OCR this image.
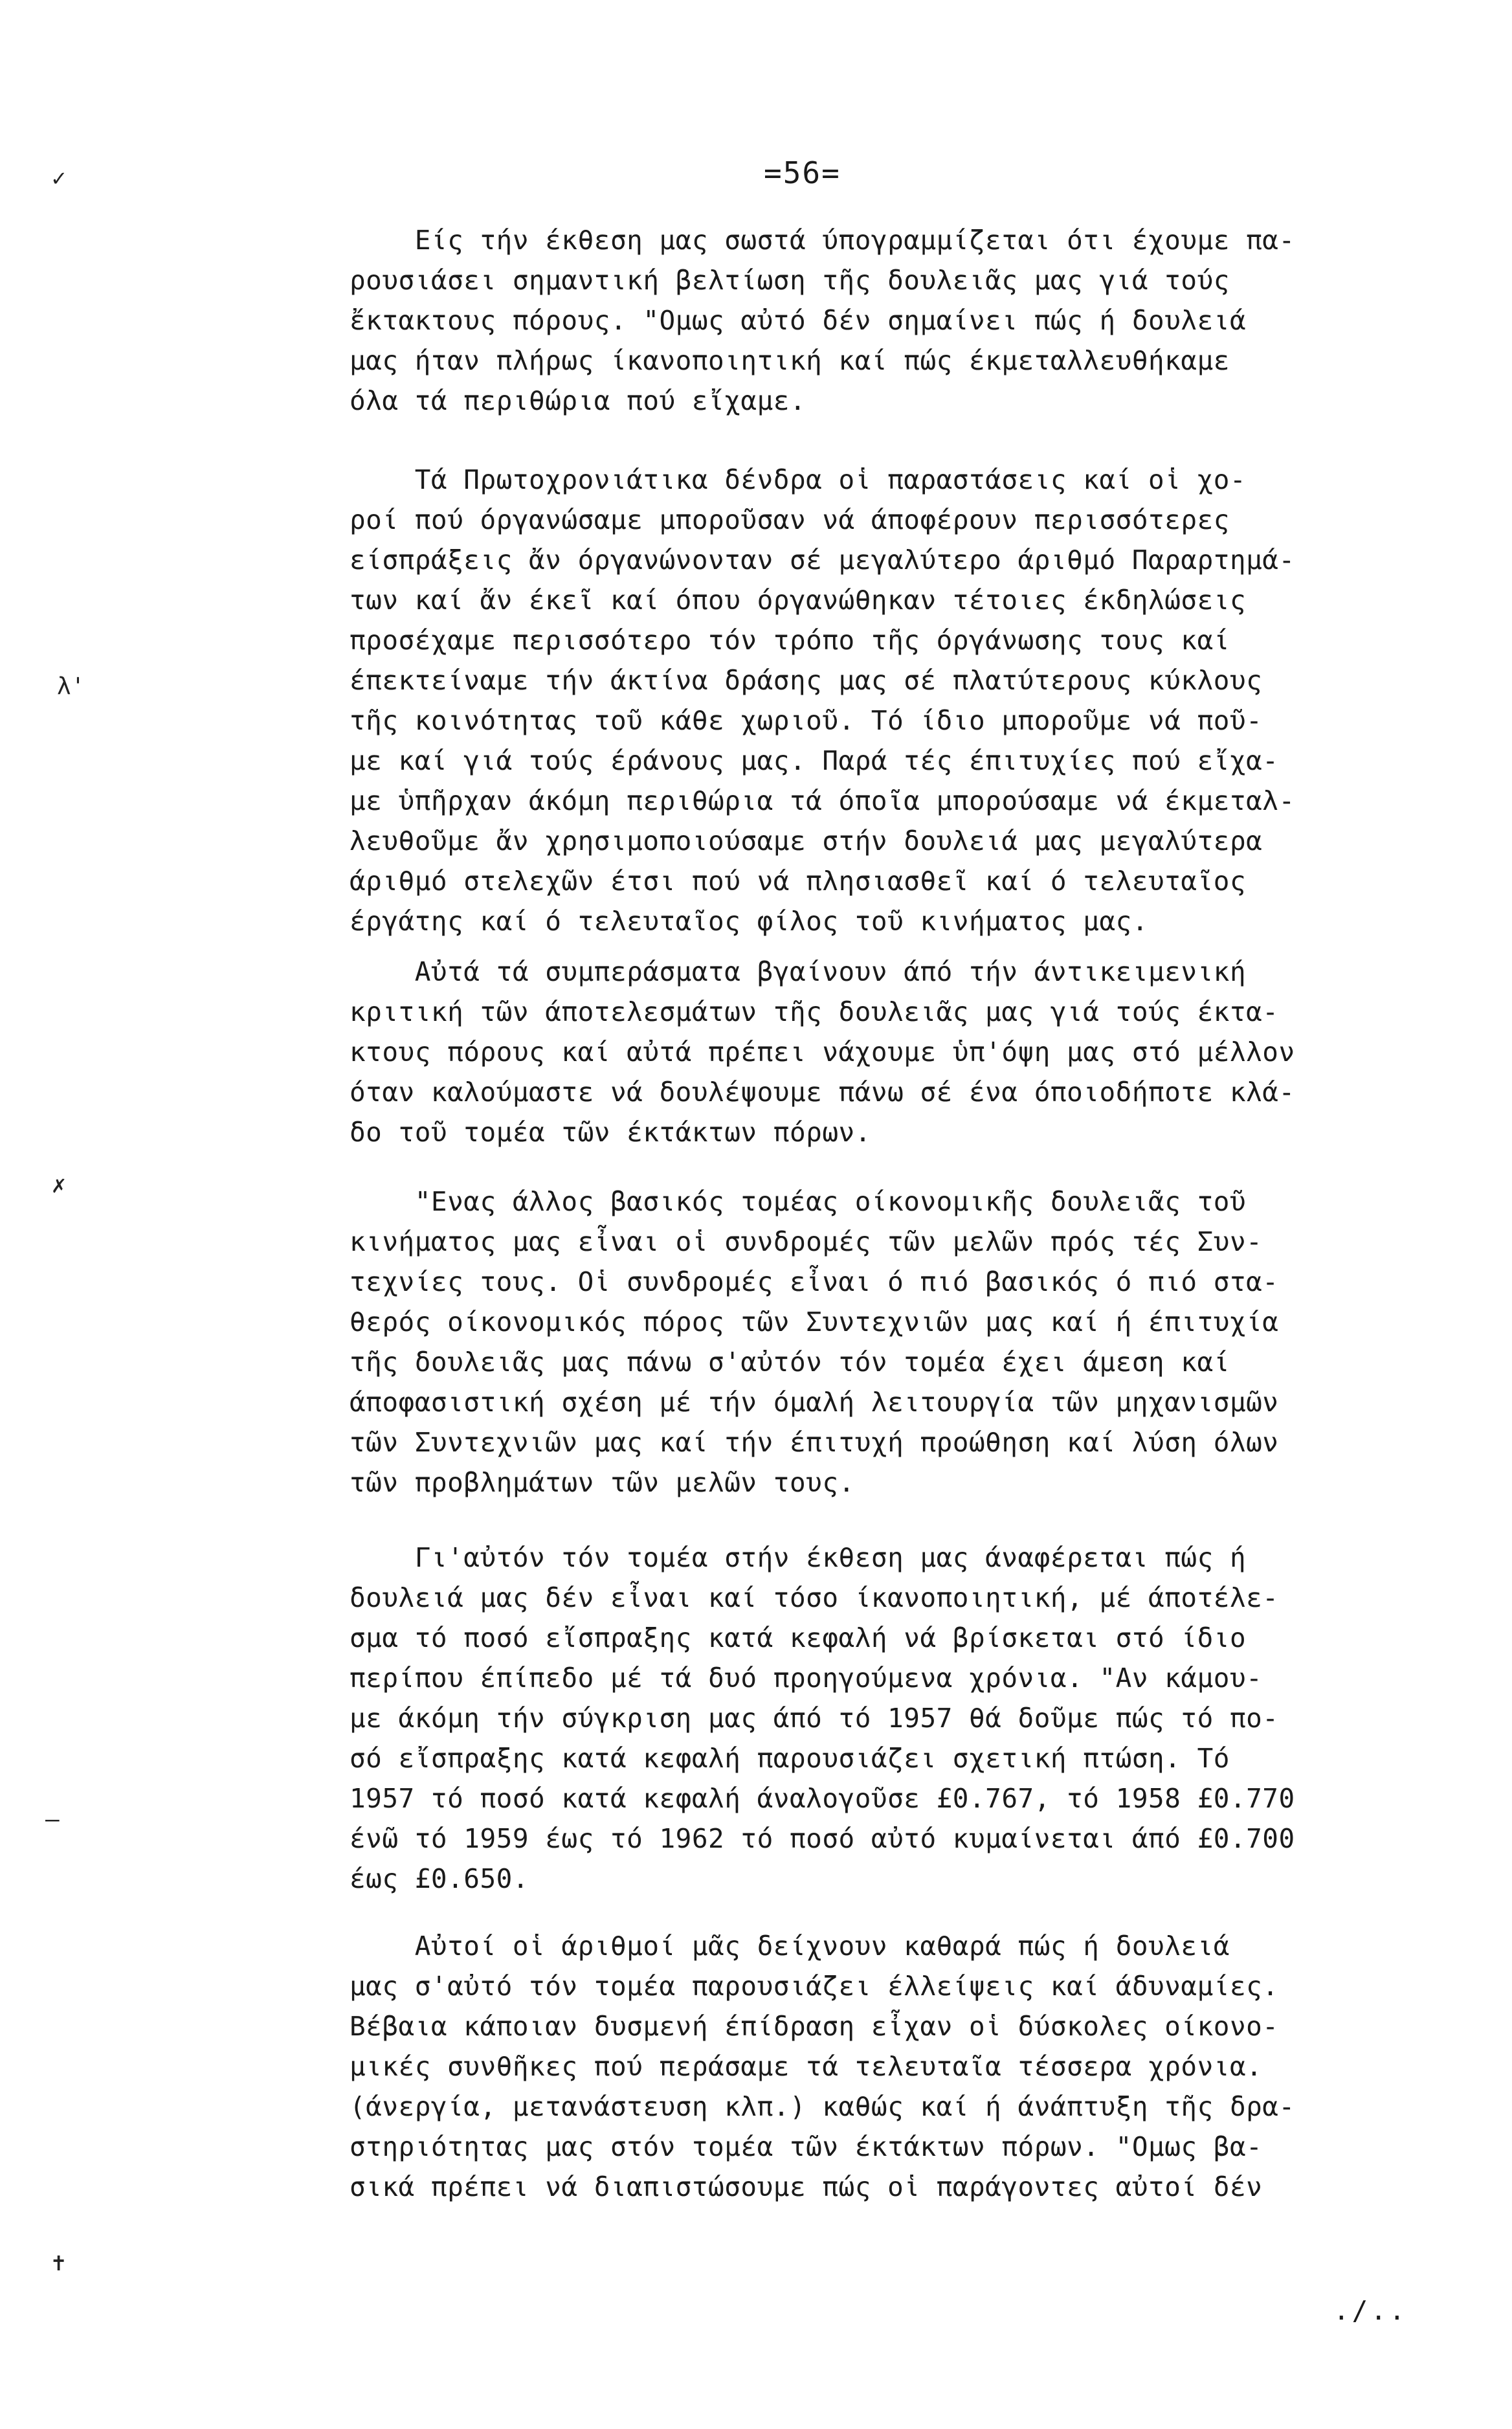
=56=
Είς τήν έκθεση μας σωστά ύπογραμμίζεται ότι έχουμε πα-
ρουσιάσει σημαντική βελτίωση τῆς δουλειᾶς μας γιά τούς
ἔκτακτους πόρους. "Ομως αὐτό δέν σημαίνει πώς ή δουλειά
μας ήταν πλήρως ίκανοποιητική καί πώς έκμεταλλευθήκαμε
όλα τά περιθώρια πού εἴχαμε.
Τά Πρωτοχρονιάτικα δένδρα οἱ παραστάσεις καί οἱ χο-
ροί πού όργανώσαμε μποροῦσαν νά άποφέρουν περισσότερες
είσπράξεις ἄν όργανώνονταν σέ μεγαλύτερο άριθμό Παραρτημά-
των καί ἄν έκεῖ καί όπου όργανώθηκαν τέτοιες έκδηλώσεις
προσέχαμε περισσότερο τόν τρόπο τῆς όργάνωσης τους καί
έπεκτείναμε τήν άκτίνα δράσης μας σέ πλατύτερους κύκλους
τῆς κοινότητας τοῦ κάθε χωριοῦ. Τό ίδιο μποροῦμε νά ποῦ-
με καί γιά τούς έράνους μας. Παρά τές έπιτυχίες πού εἴχα-
με ὑπῆρχαν άκόμη περιθώρια τά όποῖα μπορούσαμε νά έκμεταλ-
λευθοῦμε ἄν χρησιμοποιούσαμε στήν δουλειά μας μεγαλύτερα
άριθμό στελεχῶν έτσι πού νά πλησιασθεῖ καί ό τελευταῖος
έργάτης καί ό τελευταῖος φίλος τοῦ κινήματος μας.
Αὐτά τά συμπεράσματα βγαίνουν άπό τήν άντικειμενική
κριτική τῶν άποτελεσμάτων τῆς δουλειᾶς μας γιά τούς έκτα-
κτους πόρους καί αὐτά πρέπει νάχουμε ὑπ'όψη μας στό μέλλον
όταν καλούμαστε νά δουλέψουμε πάνω σέ ένα όποιοδήποτε κλά-
δο τοῦ τομέα τῶν έκτάκτων πόρων.
"Ενας άλλος βασικός τομέας οίκονομικῆς δουλειᾶς τοῦ
κινήματος μας εἶναι οἱ συνδρομές τῶν μελῶν πρός τές Συν-
τεχνίες τους. Οἱ συνδρομές εἶναι ό πιό βασικός ό πιό στα-
θερός οίκονομικός πόρος τῶν Συντεχνιῶν μας καί ή έπιτυχία
τῆς δουλειᾶς μας πάνω σ'αὐτόν τόν τομέα έχει άμεση καί
άποφασιστική σχέση μέ τήν όμαλή λειτουργία τῶν μηχανισμῶν
τῶν Συντεχνιῶν μας καί τήν έπιτυχή προώθηση καί λύση όλων
τῶν προβλημάτων τῶν μελῶν τους.
Γι'αὐτόν τόν τομέα στήν έκθεση μας άναφέρεται πώς ή
δουλειά μας δέν εἶναι καί τόσο ίκανοποιητική, μέ άποτέλε-
σμα τό ποσό εἴσπραξης κατά κεφαλή νά βρίσκεται στό ίδιο
περίπου έπίπεδο μέ τά δυό προηγούμενα χρόνια. "Αν κάμου-
με άκόμη τήν σύγκριση μας άπό τό 1957 θά δοῦμε πώς τό πο-
σό εἴσπραξης κατά κεφαλή παρουσιάζει σχετική πτώση. Τό
1957 τό ποσό κατά κεφαλή άναλογοῦσε £0.767, τό 1958 £0.770
ένῶ τό 1959 έως τό 1962 τό ποσό αὐτό κυμαίνεται άπό £0.700
έως £0.650.
Αὐτοί οἱ άριθμοί μᾶς δείχνουν καθαρά πώς ή δουλειά
μας σ'αὐτό τόν τομέα παρουσιάζει έλλείψεις καί άδυναμίες.
Βέβαια κάποιαν δυσμενή έπίδραση εἶχαν οἱ δύσκολες οίκονο-
μικές συνθῆκες πού περάσαμε τά τελευταῖα τέσσερα χρόνια.
(άνεργία, μετανάστευση κλπ.) καθώς καί ή άνάπτυξη τῆς δρα-
στηριότητας μας στόν τομέα τῶν έκτάκτων πόρων. "Ομως βα-
σικά πρέπει νά διαπιστώσουμε πώς οἱ παράγοντες αὐτοί δέν
./..
✓
λ'
✗
—
✝
